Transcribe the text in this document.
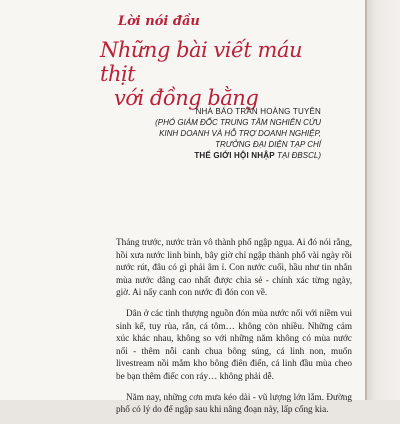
Lời nói đầu
Những bài viết máu thịt
với đồng bằng
NHÀ BÁO TRẦN HOÀNG TUYÊN
(PHÓ GIÁM ĐỐC TRUNG TÂM NGHIÊN CỨU
KINH DOANH VÀ HỖ TRỢ DOANH NGHIỆP,
TRƯỞNG ĐẠI DIỆN TẠP CHÍ
THẾ GIỚI HỘI NHẬP TẠI ĐBSCL)

Tháng trước, nước tràn vô thành phố ngập ngụa. Ai đó nói rằng, hồi xưa nước linh bình, bây giờ chỉ ngập thành phố vài ngày rồi nước rút, đâu có gì phải âm ỉ. Con nước cuối, hầu như tin nhắn mùa nước dâng cao nhất được chia sẻ - chính xác từng ngày, giờ. Ai nấy canh con nước đi đón con về.

Dân ở các tỉnh thượng nguồn đón mùa nước nổi với niềm vui sinh kế, tuy rùa, rắn, cá tôm… không còn nhiều. Những cảm xúc khác nhau, không so với những năm không có mùa nước nổi - thêm nỗi canh chua bông súng, cá linh non, muốn livestream nồi mắm kho bông điên điển, cá linh đầu mùa cheo be bạn thêm điếc con ráy… không phải dễ.

Năm nay, những cơn mưa kéo dài - vũ lượng lớn lắm. Đường phố có lý do để ngập sau khi nâng đoạn này, lấp cống kia.
